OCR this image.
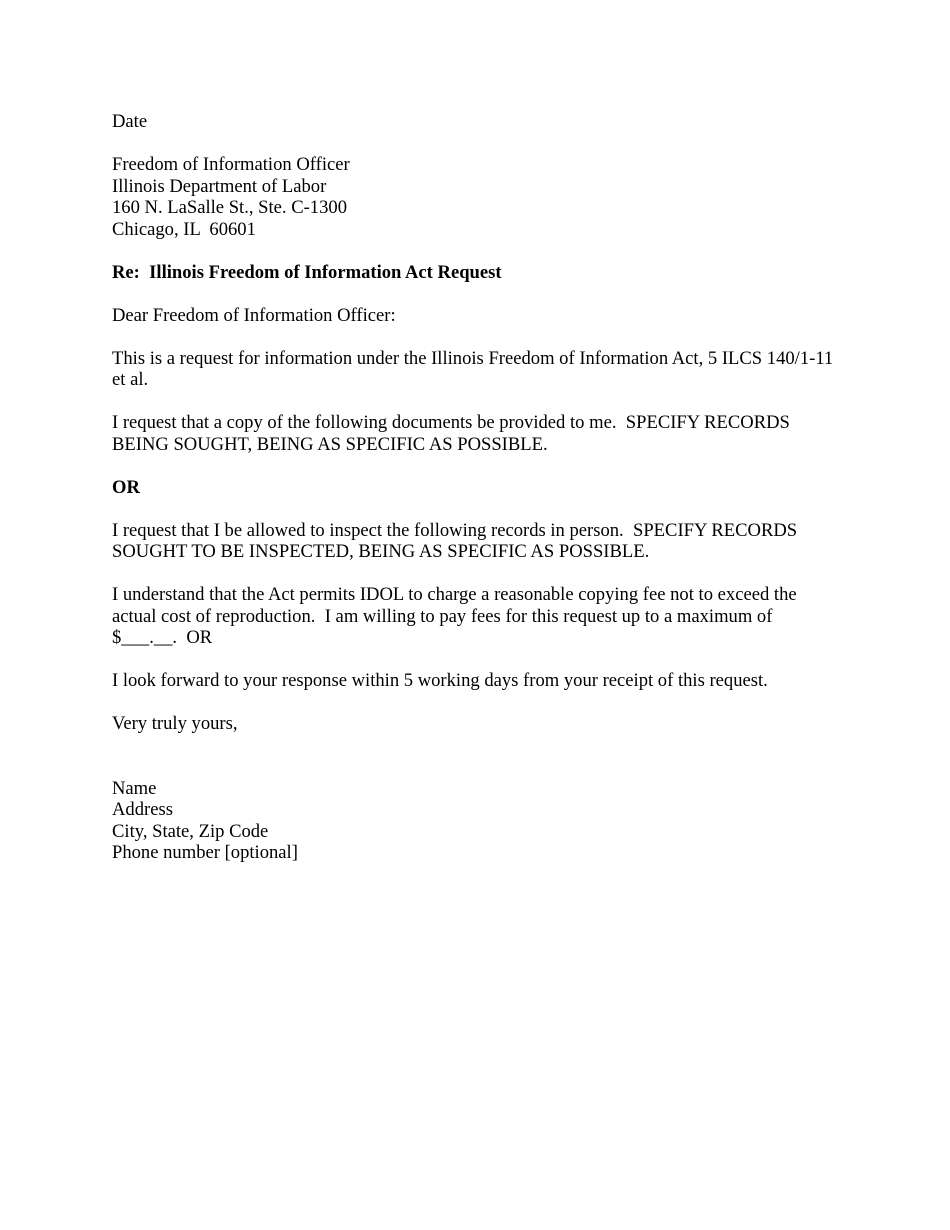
Date
Freedom of Information Officer
Illinois Department of Labor
160 N. LaSalle St., Ste. C-1300
Chicago, IL  60601
Re:  Illinois Freedom of Information Act Request
Dear Freedom of Information Officer:
This is a request for information under the Illinois Freedom of Information Act, 5 ILCS 140/1-11
et al.
I request that a copy of the following documents be provided to me.  SPECIFY RECORDS
BEING SOUGHT, BEING AS SPECIFIC AS POSSIBLE.
OR
I request that I be allowed to inspect the following records in person.  SPECIFY RECORDS
SOUGHT TO BE INSPECTED, BEING AS SPECIFIC AS POSSIBLE.
I understand that the Act permits IDOL to charge a reasonable copying fee not to exceed the
actual cost of reproduction.  I am willing to pay fees for this request up to a maximum of
$___.__.  OR
I look forward to your response within 5 working days from your receipt of this request.
Very truly yours,
Name
Address
City, State, Zip Code
Phone number [optional]
